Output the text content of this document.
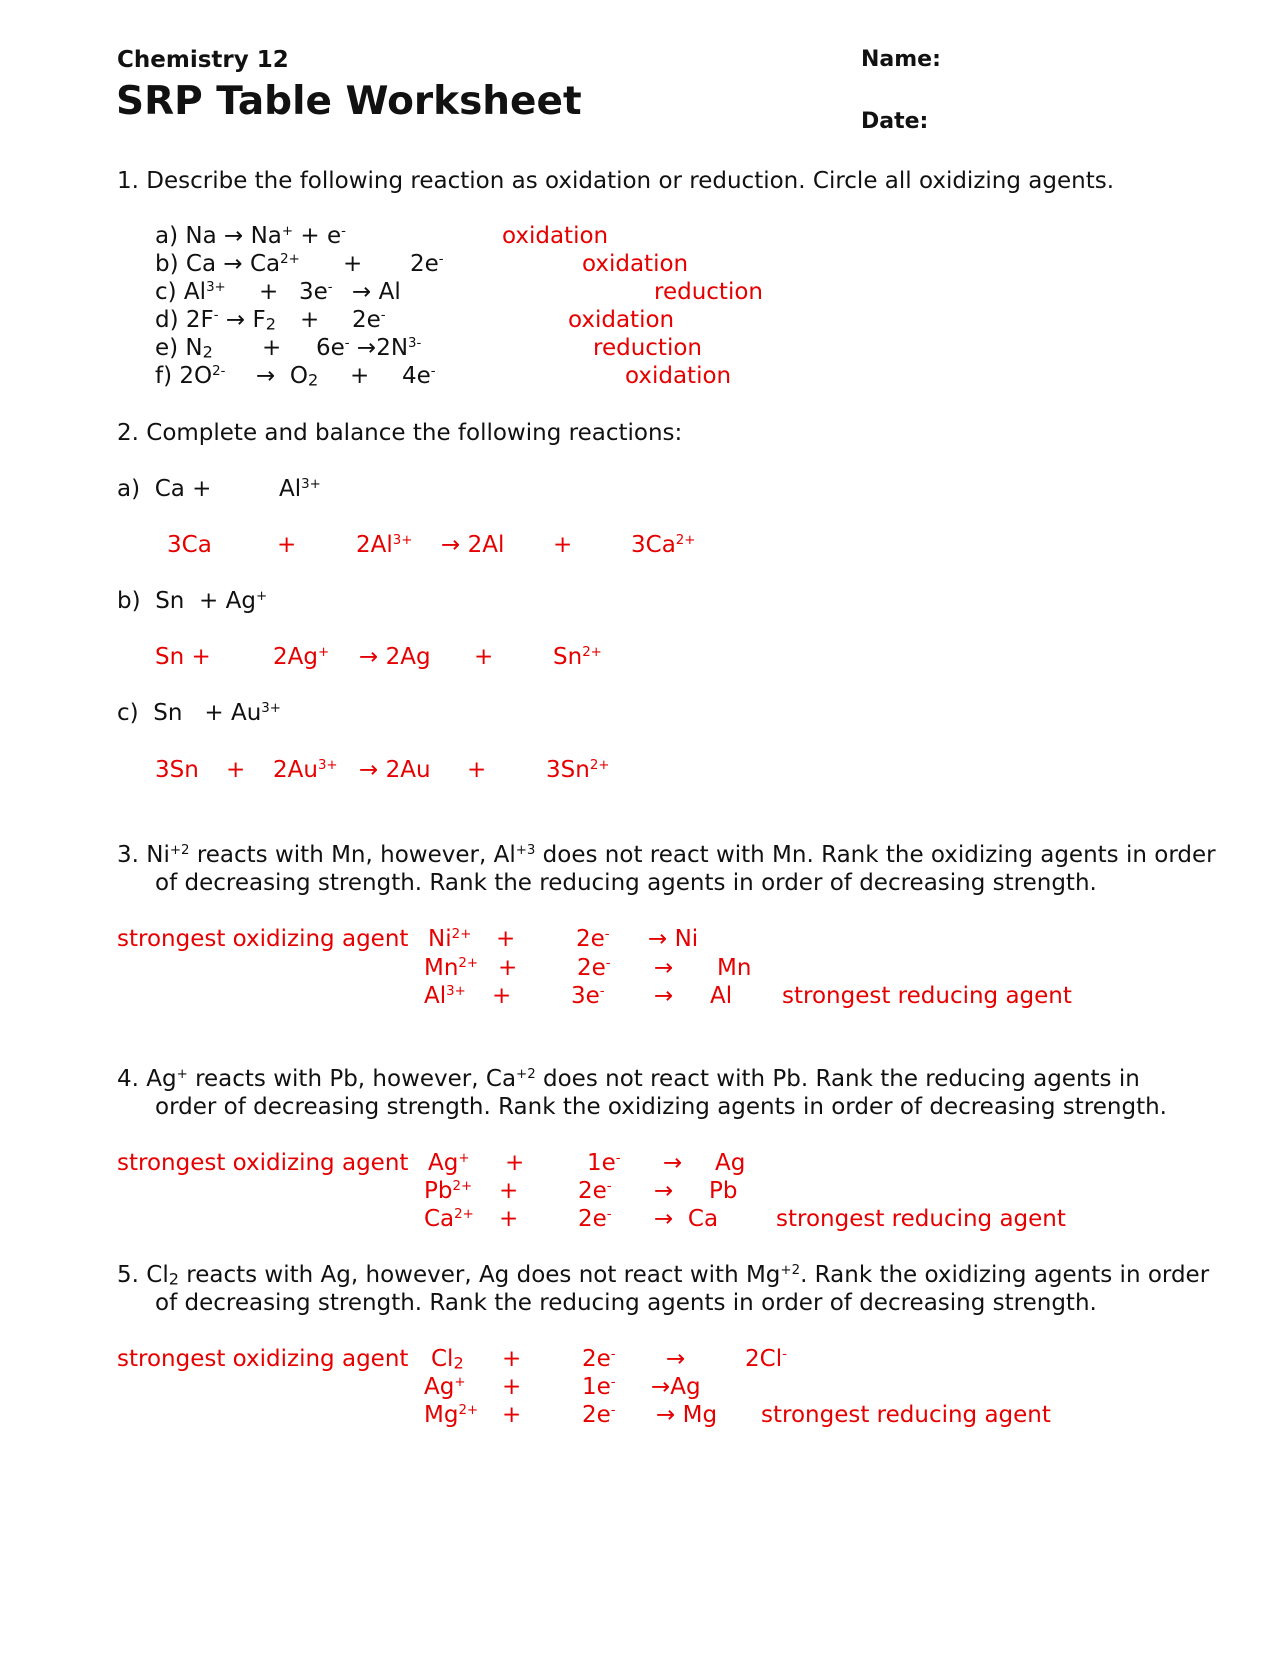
Chemistry 12
SRP Table Worksheet
Name:
Date:
1. Describe the following reaction as oxidation or reduction. Circle all oxidizing agents.
a) Na → Na+ + e-	oxidation
b) $Ca \to Ca^{2+} + 2e^-$	oxidation
c) $Al^{3+} + 3e^- \to Al$	reduction
d) $2F^- \to F_2 + 2e^-$	oxidation
e) $N_2 + 6e^- \to 2N^{3-}$	reduction
f) $2O^{2-} \to O_2 + 4e^-$	oxidation
2. Complete and balance the following reactions:
a) Ca +	$Al^{3+}$
3Ca	+	$2Al^{3+} \to 2Al$ +	$3Ca^{2+}$
b) Sn + Ag+
Sn +	2Ag+ → 2Ag +	$Sn^{2+}$
c) $Sn + Au^{3+}$
$3Sn + 2Au^{3+} \to 2Au$ +	$3Sn^{2+}$
3. $Ni^{+2}$ reacts with Mn, however, $Al^{+3}$ does not react with Mn. Rank the oxidizing agents in order
of decreasing strength. Rank the reducing agents in order of decreasing strength.
strongest oxidizing agent $Ni^{2+}$ +	2e- → Ni
$Mn^{2+}$ +	2e- → Mn
$Al^{3+}$ +	3e- → Al strongest reducing agent
4. Ag+ reacts with Pb, however, $Ca^{+2}$ does not react with Pb. Rank the reducing agents in
order of decreasing strength. Rank the oxidizing agents in order of decreasing strength.
strongest oxidizing agent Ag+ +	1e- → Ag
$Pb^{2+}$ +	2e- → Pb
$Ca^{2+}$ +	2e- → Ca	strongest reducing agent
5. $Cl_2$ reacts with Ag, however, Ag does not react with $Mg^{+2}$. Rank the oxidizing agents in order
of decreasing strength. Rank the reducing agents in order of decreasing strength.
strongest oxidizing agent $Cl_2$ +	2e- →	2Cl-
Ag+ +	1e- →Ag
$Mg^{2+}$ +	2e- → Mg strongest reducing agent
